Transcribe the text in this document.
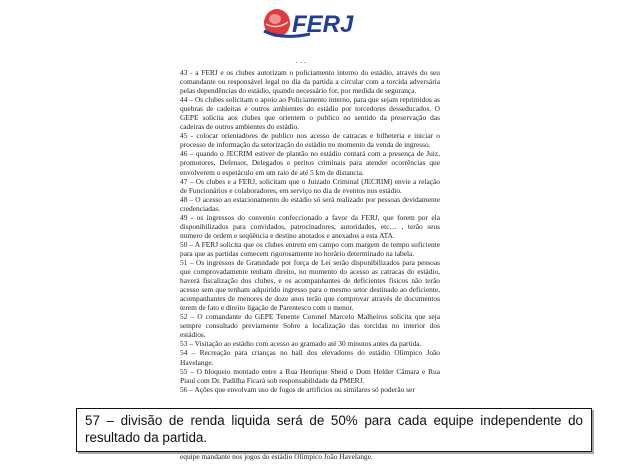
FERJ
...

43 - a FERJ e os clubes autorizam o policiamento interno do estádio, através do seu comandante ou responsável legal no dia da partida a circular com a torcida adversária pelas dependências do estádio, quando necessário for, por medida de segurança.

44 – Os clubes solicitam o apoio ao Policiamento interno, para que sejam reprimidos as quebras de cadeiras e outros ambientes do estádio por torcedores desseducados. O GEPE solicita aos clubes que orientem o publico no sentido da preservação das cadeiras de outros ambientes do estádio.

45 - colocar orientadores de publico nos acesso de catracas e bilheteria e iniciar o processo de informação da setorização do estádio no momento da venda de ingresso.

46 – quando o JECRIM estiver de plantão no estádio contará com a presença de Juiz, promotores, Defensor, Delegados e peritos criminais para atender ocorrências que envolverem o espetáculo em um raio de até 5 km de distancia.

47 – Os clubes e a FERJ, solicitam que o Juizado Criminal (JECRIM) envie a relação de Funcionários e colaboradores, em serviço no dia de eventos nos estádio.

48 – O acesso ao estacionamento do estádio só será realizado por pessoas devidamente credenciadas.

49 - os ingressos do convenio confeccionado a favor da FERJ, que forem por ela disponibilizados para convidados, patrocinadores, autoridades, etc… , terão seus numero de ordem e seqüência e destino anotados e anexados a esta ATA.

50 – A FERJ solicita que os clubes entrem em campo com margem de tempo suficiente para que as partidas comecem rigorosamente no horário determinado na tabela.

51 – Os ingressos de Gratuidade por força de Lei serão disponibilizados para pessoas que comprovadamente tenham direito, no momento do acesso as catracas do estádio, haverá fiscalização dos clubes, e os acompanhantes de deficientes físicos não terão acesso sem que tenham adquirido ingresso para o mesmo setor destinado ao deficiente, acompanhantes de menores de doze anos terão que comprovar através de documentos terem de fato e direito ligação de Parentesco com o menor.

52 – O comandante do GEPE Tenente Coronel Marcelo Malheiros solicita que seja sempre consultado previamente Sobre a localização das torcidas no interior dos estádios.

53 – Visitação ao estádio com acesso ao gramado até 30 minutos antes da partida.

54 – Recreação para crianças no hall dos elevadores do estádio Olímpico João Havelange.

55 – O bloqueio montado entre a Rua Henrique Sheid e Dom Helder Câmara e Rua Piauí com Dr. Padilha Ficará sob responsabilidade da PMERJ.

56 – Ações que envolvam uso de fogos de artifícios ou similares só poderão ser

57 – divisão de renda liquida será de 50% para cada equipe independente do resultado da partida.
equipe mandante nos jogos do estádio Olímpico João Havelange.
